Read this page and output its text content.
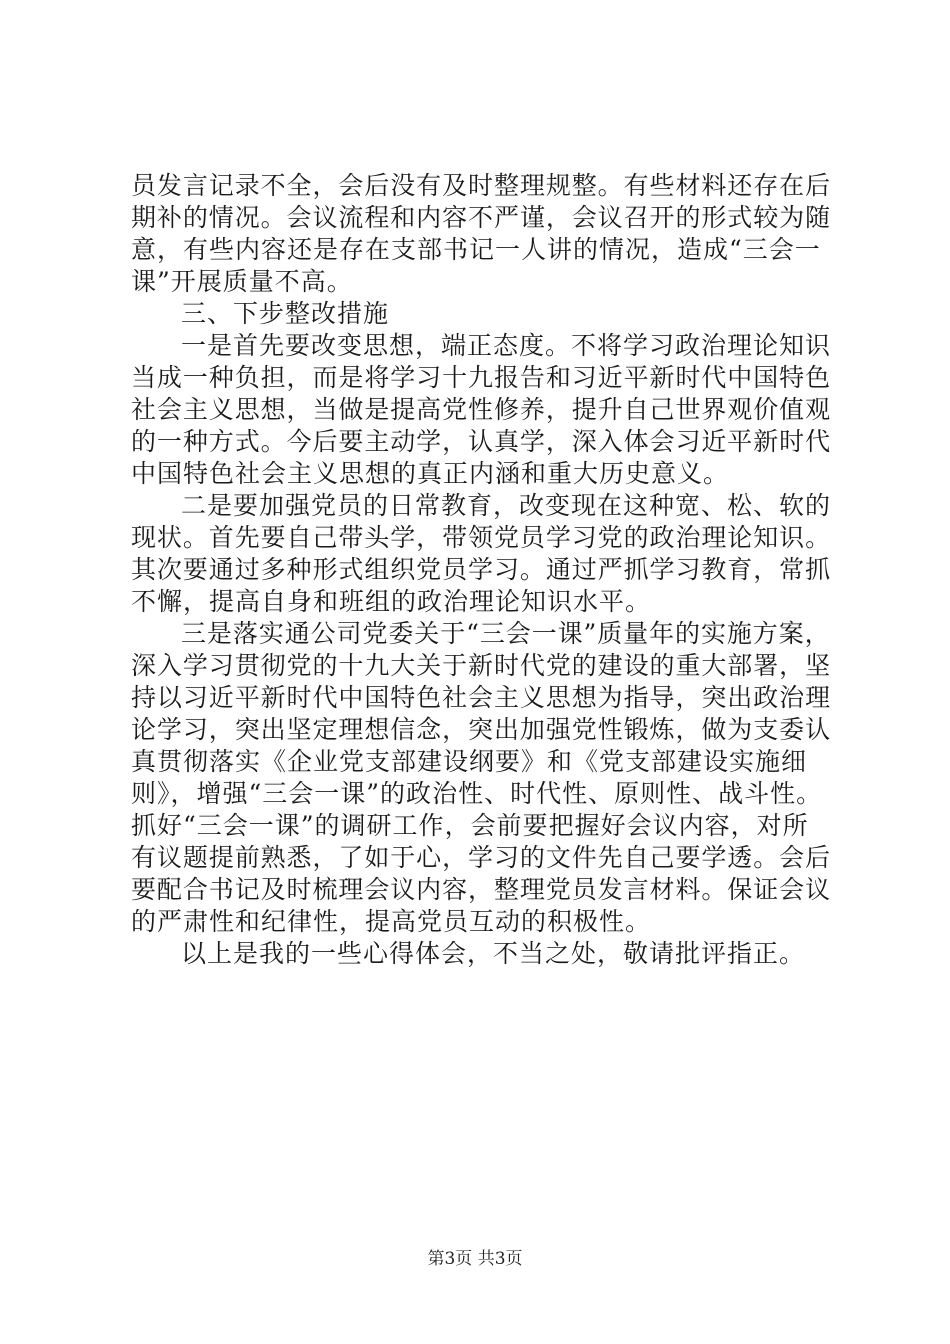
员发言记录不全，会后没有及时整理规整。有些材料还存在后
期补的情况。会议流程和内容不严谨，会议召开的形式较为随
意，有些内容还是存在支部书记一人讲的情况，造成“三会一
课”开展质量不高。
三、下步整改措施
一是首先要改变思想，端正态度。不将学习政治理论知识
当成一种负担，而是将学习十九报告和习近平新时代中国特色
社会主义思想，当做是提高党性修养，提升自己世界观价值观
的一种方式。今后要主动学，认真学，深入体会习近平新时代
中国特色社会主义思想的真正内涵和重大历史意义。
二是要加强党员的日常教育，改变现在这种宽、松、软的
现状。首先要自己带头学，带领党员学习党的政治理论知识。
其次要通过多种形式组织党员学习。通过严抓学习教育，常抓
不懈，提高自身和班组的政治理论知识水平。
三是落实通公司党委关于“三会一课”质量年的实施方案，
深入学习贯彻党的十九大关于新时代党的建设的重大部署，坚
持以习近平新时代中国特色社会主义思想为指导，突出政治理
论学习，突出坚定理想信念，突出加强党性锻炼，做为支委认
真贯彻落实《企业党支部建设纲要》和《党支部建设实施细
则》，增强“三会一课”的政治性、时代性、原则性、战斗性。
抓好“三会一课”的调研工作，会前要把握好会议内容，对所
有议题提前熟悉，了如于心，学习的文件先自己要学透。会后
要配合书记及时梳理会议内容，整理党员发言材料。保证会议
的严肃性和纪律性，提高党员互动的积极性。
以上是我的一些心得体会，不当之处，敬请批评指正。
第3页 共3页
